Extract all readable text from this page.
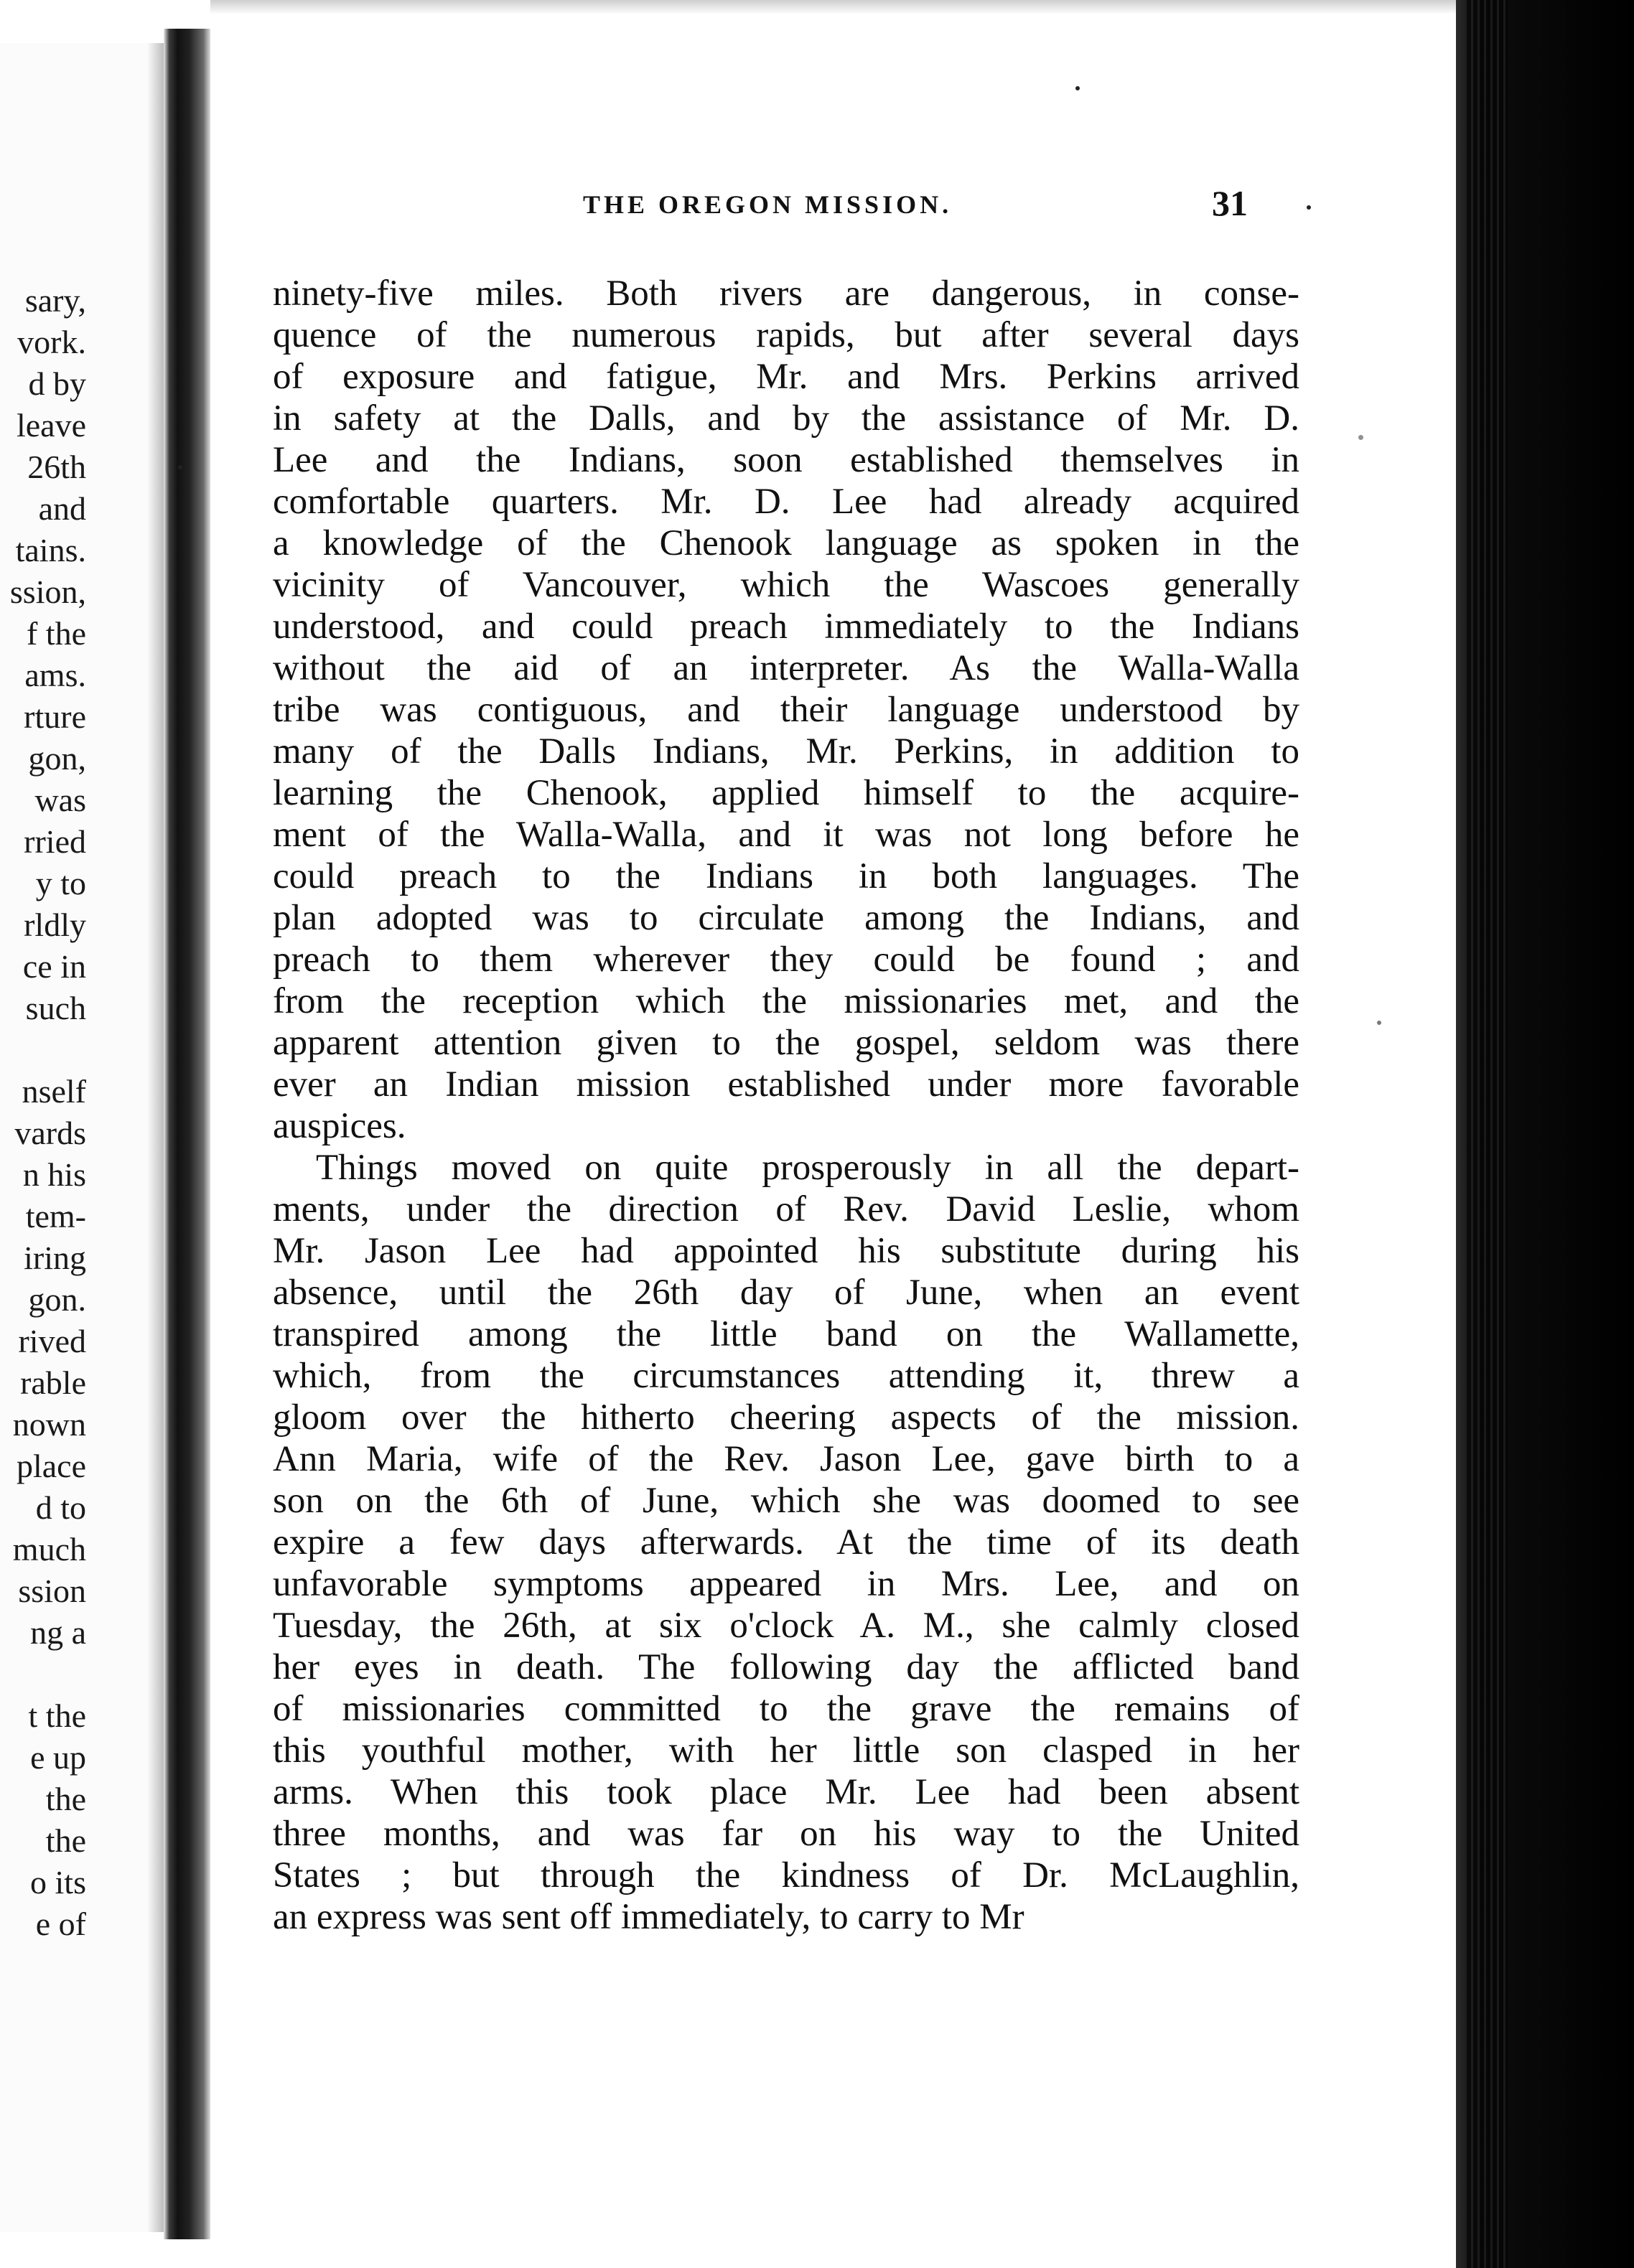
sary,
vork.
d by
leave
26th
and
tains.
ssion,
f the
ams.
rture
gon,
was
rried
y to
rldly
ce in
such
nself
vards
n his
tem-
iring
gon.
rived
rable
nown
place
d to
much
ssion
ng a
t the
e up
the
the
o its
e of
THE OREGON MISSION.	31
ninety-five miles. Both rivers are dangerous, in conse-
quence of the numerous rapids, but after several days
of exposure and fatigue, Mr. and Mrs. Perkins arrived
in safety at the Dalls, and by the assistance of Mr. D.
Lee and the Indians, soon established themselves in
comfortable quarters. Mr. D. Lee had already acquired
a knowledge of the Chenook language as spoken in the
vicinity of Vancouver, which the Wascoes generally
understood, and could preach immediately to the Indians
without the aid of an interpreter. As the Walla-Walla
tribe was contiguous, and their language understood by
many of the Dalls Indians, Mr. Perkins, in addition to
learning the Chenook, applied himself to the acquire-
ment of the Walla-Walla, and it was not long before he
could preach to the Indians in both languages. The
plan adopted was to circulate among the Indians, and
preach to them wherever they could be found ; and
from the reception which the missionaries met, and the
apparent attention given to the gospel, seldom was there
ever an Indian mission established under more favorable
auspices.
Things moved on quite prosperously in all the depart-
ments, under the direction of Rev. David Leslie, whom
Mr. Jason Lee had appointed his substitute during his
absence, until the 26th day of June, when an event
transpired among the little band on the Wallamette,
which, from the circumstances attending it, threw a
gloom over the hitherto cheering aspects of the mission.
Ann Maria, wife of the Rev. Jason Lee, gave birth to a
son on the 6th of June, which she was doomed to see
expire a few days afterwards. At the time of its death
unfavorable symptoms appeared in Mrs. Lee, and on
Tuesday, the 26th, at six o'clock A. M., she calmly closed
her eyes in death. The following day the afflicted band
of missionaries committed to the grave the remains of
this youthful mother, with her little son clasped in her
arms. When this took place Mr. Lee had been absent
three months, and was far on his way to the United
States ; but through the kindness of Dr. McLaughlin,
an express was sent off immediately, to carry to Mr
